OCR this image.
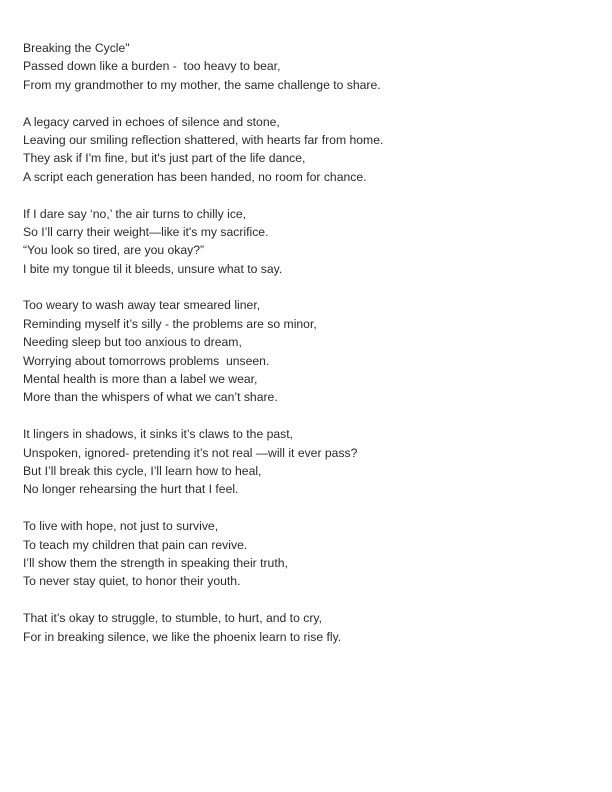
Breaking the Cycle"
Passed down like a burden -  too heavy to bear,
From my grandmother to my mother, the same challenge to share.
A legacy carved in echoes of silence and stone,
Leaving our smiling reflection shattered, with hearts far from home.
They ask if I'm fine, but it's just part of the life dance,
A script each generation has been handed, no room for chance.
If I dare say ‘no,’ the air turns to chilly ice,
So I’ll carry their weight—like it's my sacrifice.
“You look so tired, are you okay?”
I bite my tongue til it bleeds, unsure what to say.
Too weary to wash away tear smeared liner,
Reminding myself it’s silly - the problems are so minor,
Needing sleep but too anxious to dream,
Worrying about tomorrows problems  unseen.
Mental health is more than a label we wear,
More than the whispers of what we can’t share.
It lingers in shadows, it sinks it’s claws to the past,
Unspoken, ignored- pretending it’s not real —will it ever pass?
But I’ll break this cycle, I’ll learn how to heal,
No longer rehearsing the hurt that I feel.
To live with hope, not just to survive,
To teach my children that pain can revive.
I’ll show them the strength in speaking their truth,
To never stay quiet, to honor their youth.
That it’s okay to struggle, to stumble, to hurt, and to cry,
For in breaking silence, we like the phoenix learn to rise fly.
